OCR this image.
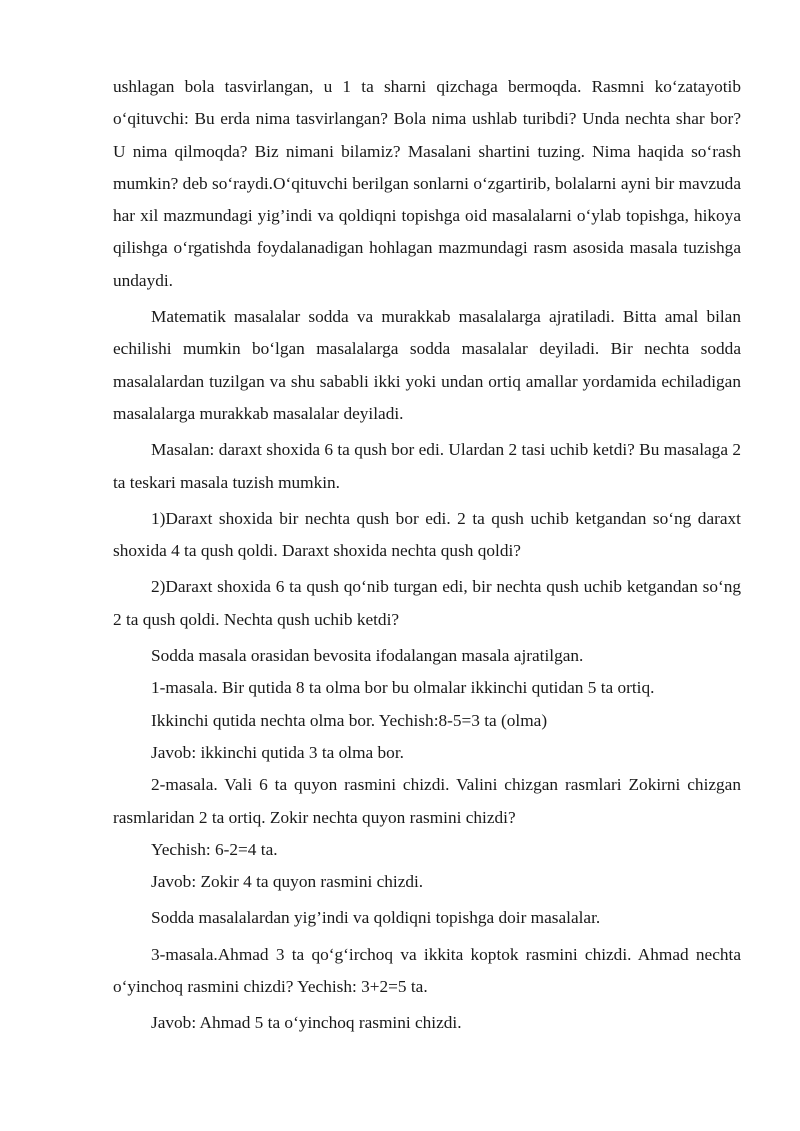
ushlagan bola tasvirlangan, u 1 ta sharni qizchaga bermoqda. Rasmni ko‘zatayotib o‘qituvchi: Bu erda nima tasvirlangan? Bola nima ushlab turibdi? Unda nechta shar bor? U nima qilmoqda? Biz nimani bilamiz? Masalani shartini tuzing. Nima haqida so‘rash mumkin? deb so‘raydi.O‘qituvchi berilgan sonlarni o‘zgartirib, bolalarni ayni bir mavzuda har xil mazmundagi yig’indi va qoldiqni topishga oid masalalarni o‘ylab topishga, hikoya qilishga o‘rgatishda foydalanadigan hohlagan mazmundagi rasm asosida masala tuzishga undaydi.

Matematik masalalar sodda va murakkab masalalarga ajratiladi. Bitta amal bilan echilishi mumkin bo‘lgan masalalarga sodda masalalar deyiladi. Bir nechta sodda masalalardan tuzilgan va shu sababli ikki yoki undan ortiq amallar yordamida echiladigan masalalarga murakkab masalalar deyiladi.

Masalan: daraxt shoxida 6 ta qush bor edi. Ulardan 2 tasi uchib ketdi? Bu masalaga 2 ta teskari masala tuzish mumkin.

1)Daraxt shoxida bir nechta qush bor edi. 2 ta qush uchib ketgandan so‘ng daraxt shoxida 4 ta qush qoldi. Daraxt shoxida nechta qush qoldi?

2)Daraxt shoxida 6 ta qush qo‘nib turgan edi, bir nechta qush uchib ketgandan so‘ng 2 ta qush qoldi. Nechta qush uchib ketdi?

Sodda masala orasidan bevosita ifodalangan masala ajratilgan.

1-masala. Bir qutida 8 ta olma bor bu olmalar ikkinchi qutidan 5 ta ortiq.

Ikkinchi qutida nechta olma bor. Yechish:8-5=3 ta (olma)

Javob: ikkinchi qutida 3 ta olma bor.

2-masala. Vali 6 ta quyon rasmini chizdi. Valini chizgan rasmlari Zokirni chizgan rasmlaridan 2 ta ortiq. Zokir nechta quyon rasmini chizdi?

Yechish: 6-2=4 ta.

Javob: Zokir 4 ta quyon rasmini chizdi.

Sodda masalalardan yig’indi va qoldiqni topishga doir masalalar.

3-masala.Ahmad 3 ta qo‘g‘irchoq va ikkita koptok rasmini chizdi. Ahmad nechta o‘yinchoq rasmini chizdi? Yechish: 3+2=5 ta.

Javob: Ahmad 5 ta o‘yinchoq rasmini chizdi.
